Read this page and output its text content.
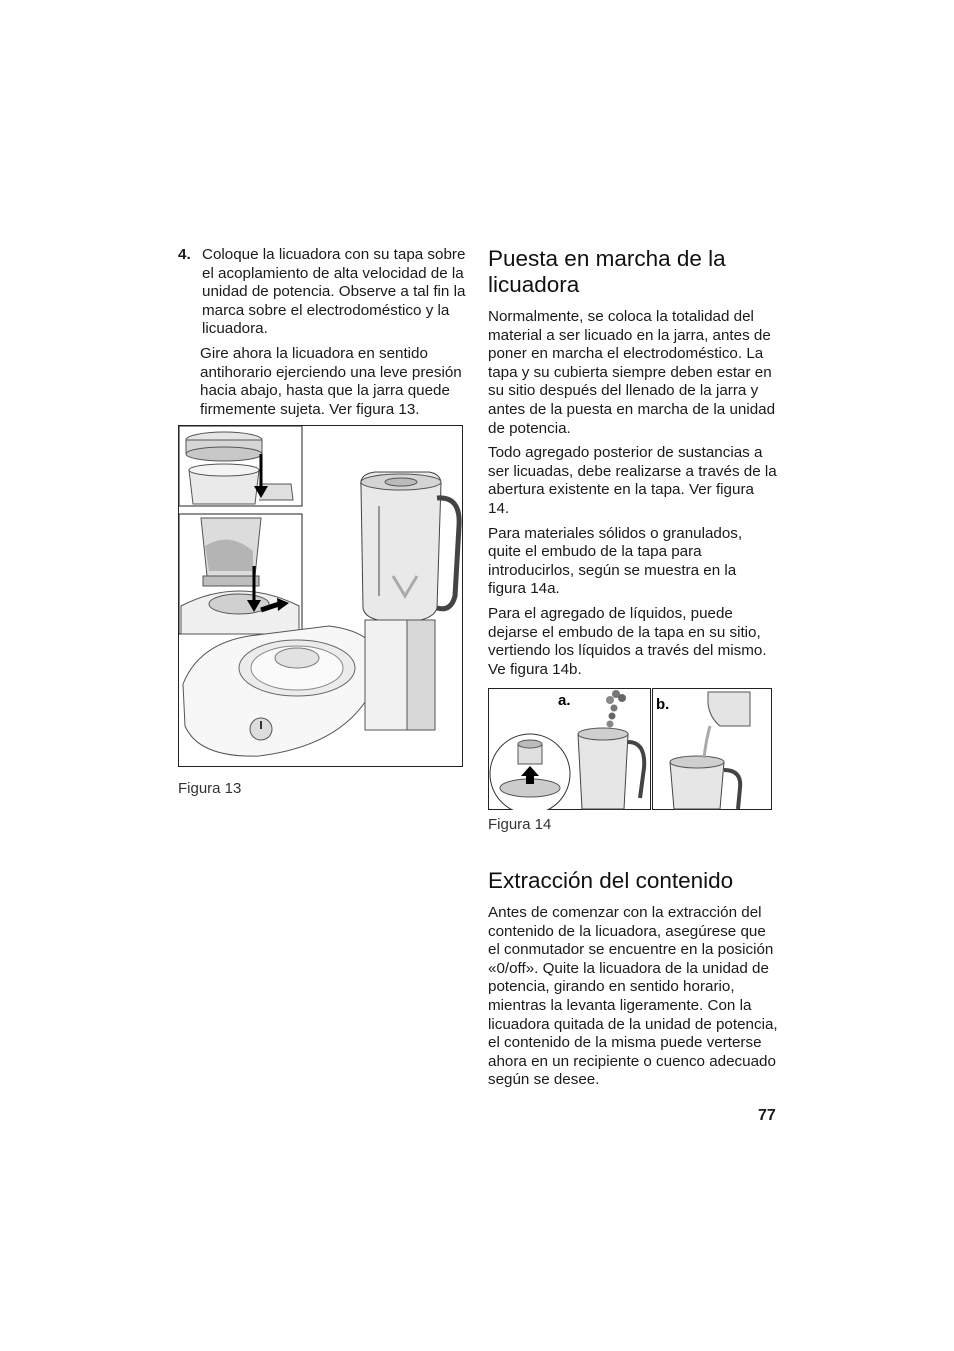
4. Coloque la licuadora con su tapa sobre el acoplamiento de alta velocidad de la unidad de potencia. Observe a tal fin la marca sobre el electrodoméstico y la licuadora.
Gire ahora la licuadora en sentido antihorario ejerciendo una leve presión hacia abajo, hasta que la jarra quede firmemente sujeta. Ver figura 13.
Figura 13
Puesta en marcha de la licuadora

Normalmente, se coloca la totalidad del material a ser licuado en la jarra, antes de poner en marcha el electrodoméstico. La tapa y su cubierta siempre deben estar en su sitio después del llenado de la jarra y antes de la puesta en marcha de la unidad de potencia.

Todo agregado posterior de sustancias a ser licuadas, debe realizarse a través de la abertura existente en la tapa. Ver figura 14.

Para materiales sólidos o granulados, quite el embudo de la tapa para introducirlos, según se muestra en la figura 14a.

Para el agregado de líquidos, puede dejarse el embudo de la tapa en su sitio, vertiendo los líquidos a través del mismo. Ve figura 14b.

a.	b.
Figura 14
Extracción del contenido

Antes de comenzar con la extracción del contenido de la licuadora, asegúrese que el conmutador se encuentre en la posición «0/off». Quite la licuadora de la unidad de potencia, girando en sentido horario, mientras la levanta ligeramente. Con la licuadora quitada de la unidad de potencia, el contenido de la misma puede verterse ahora en un recipiente o cuenco adecuado según se desee.

77
